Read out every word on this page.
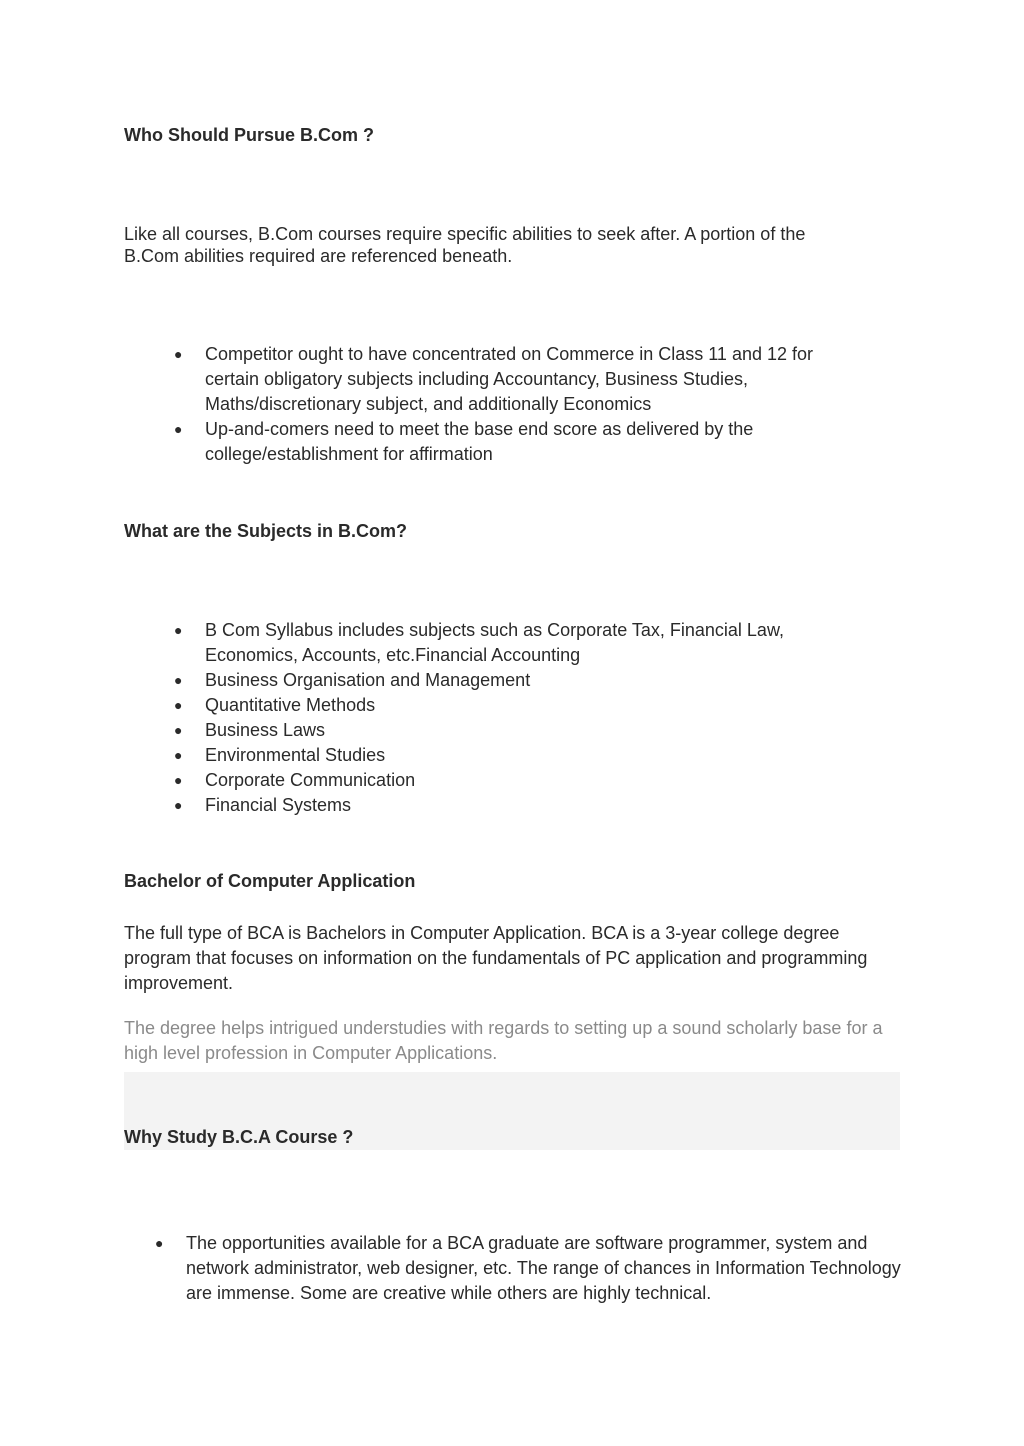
Who Should Pursue B.Com ?

Like all courses, B.Com courses require specific abilities to seek after. A portion of the B.Com abilities required are referenced beneath.

● Competitor ought to have concentrated on Commerce in Class 11 and 12 for certain obligatory subjects including Accountancy, Business Studies, Maths/discretionary subject, and additionally Economics
● Up-and-comers need to meet the base end score as delivered by the college/establishment for affirmation
What are the Subjects in B.Com?
● B Com Syllabus includes subjects such as Corporate Tax, Financial Law, Economics, Accounts, etc.Financial Accounting
● Business Organisation and Management
● Quantitative Methods
● Business Laws
● Environmental Studies
● Corporate Communication
● Financial Systems
Bachelor of Computer Application

The full type of BCA is Bachelors in Computer Application. BCA is a 3-year college degree program that focuses on information on the fundamentals of PC application and programming improvement.

The degree helps intrigued understudies with regards to setting up a sound scholarly base for a high level profession in Computer Applications.

Why Study B.C.A Course ?
● The opportunities available for a BCA graduate are software programmer, system and network administrator, web designer, etc. The range of chances in Information Technology are immense. Some are creative while others are highly technical.
